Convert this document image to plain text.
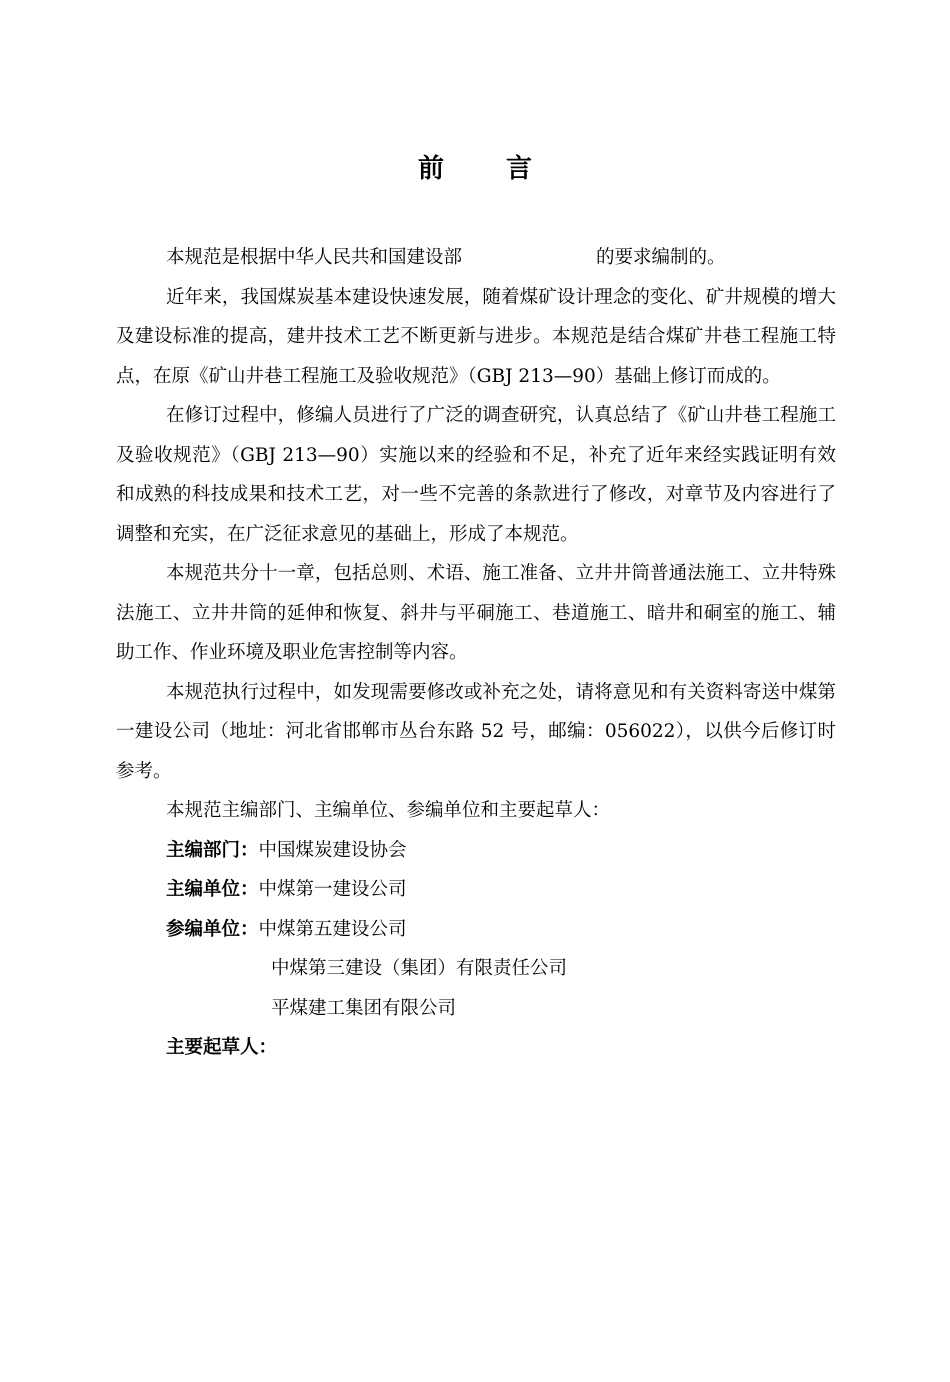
前 言

本规范是根据中华人民共和国建设部	的要求编制的。

近年来，我国煤炭基本建设快速发展，随着煤矿设计理念的变化、矿井规模的增大及建设标准的提高，建井技术工艺不断更新与进步。本规范是结合煤矿井巷工程施工特点，在原《矿山井巷工程施工及验收规范》（GBJ 213—90）基础上修订而成的。

在修订过程中，修编人员进行了广泛的调查研究，认真总结了《矿山井巷工程施工及验收规范》（GBJ 213—90）实施以来的经验和不足，补充了近年来经实践证明有效和成熟的科技成果和技术工艺，对一些不完善的条款进行了修改，对章节及内容进行了调整和充实，在广泛征求意见的基础上，形成了本规范。

本规范共分十一章，包括总则、术语、施工准备、立井井筒普通法施工、立井特殊法施工、立井井筒的延伸和恢复、斜井与平硐施工、巷道施工、暗井和硐室的施工、辅助工作、作业环境及职业危害控制等内容。

本规范执行过程中，如发现需要修改或补充之处，请将意见和有关资料寄送中煤第一建设公司（地址：河北省邯郸市丛台东路 52 号，邮编：056022），以供今后修订时参考。

本规范主编部门、主编单位、参编单位和主要起草人：

主编部门：中国煤炭建设协会

主编单位：中煤第一建设公司

参编单位：中煤第五建设公司

中煤第三建设（集团）有限责任公司

平煤建工集团有限公司

主要起草人：
